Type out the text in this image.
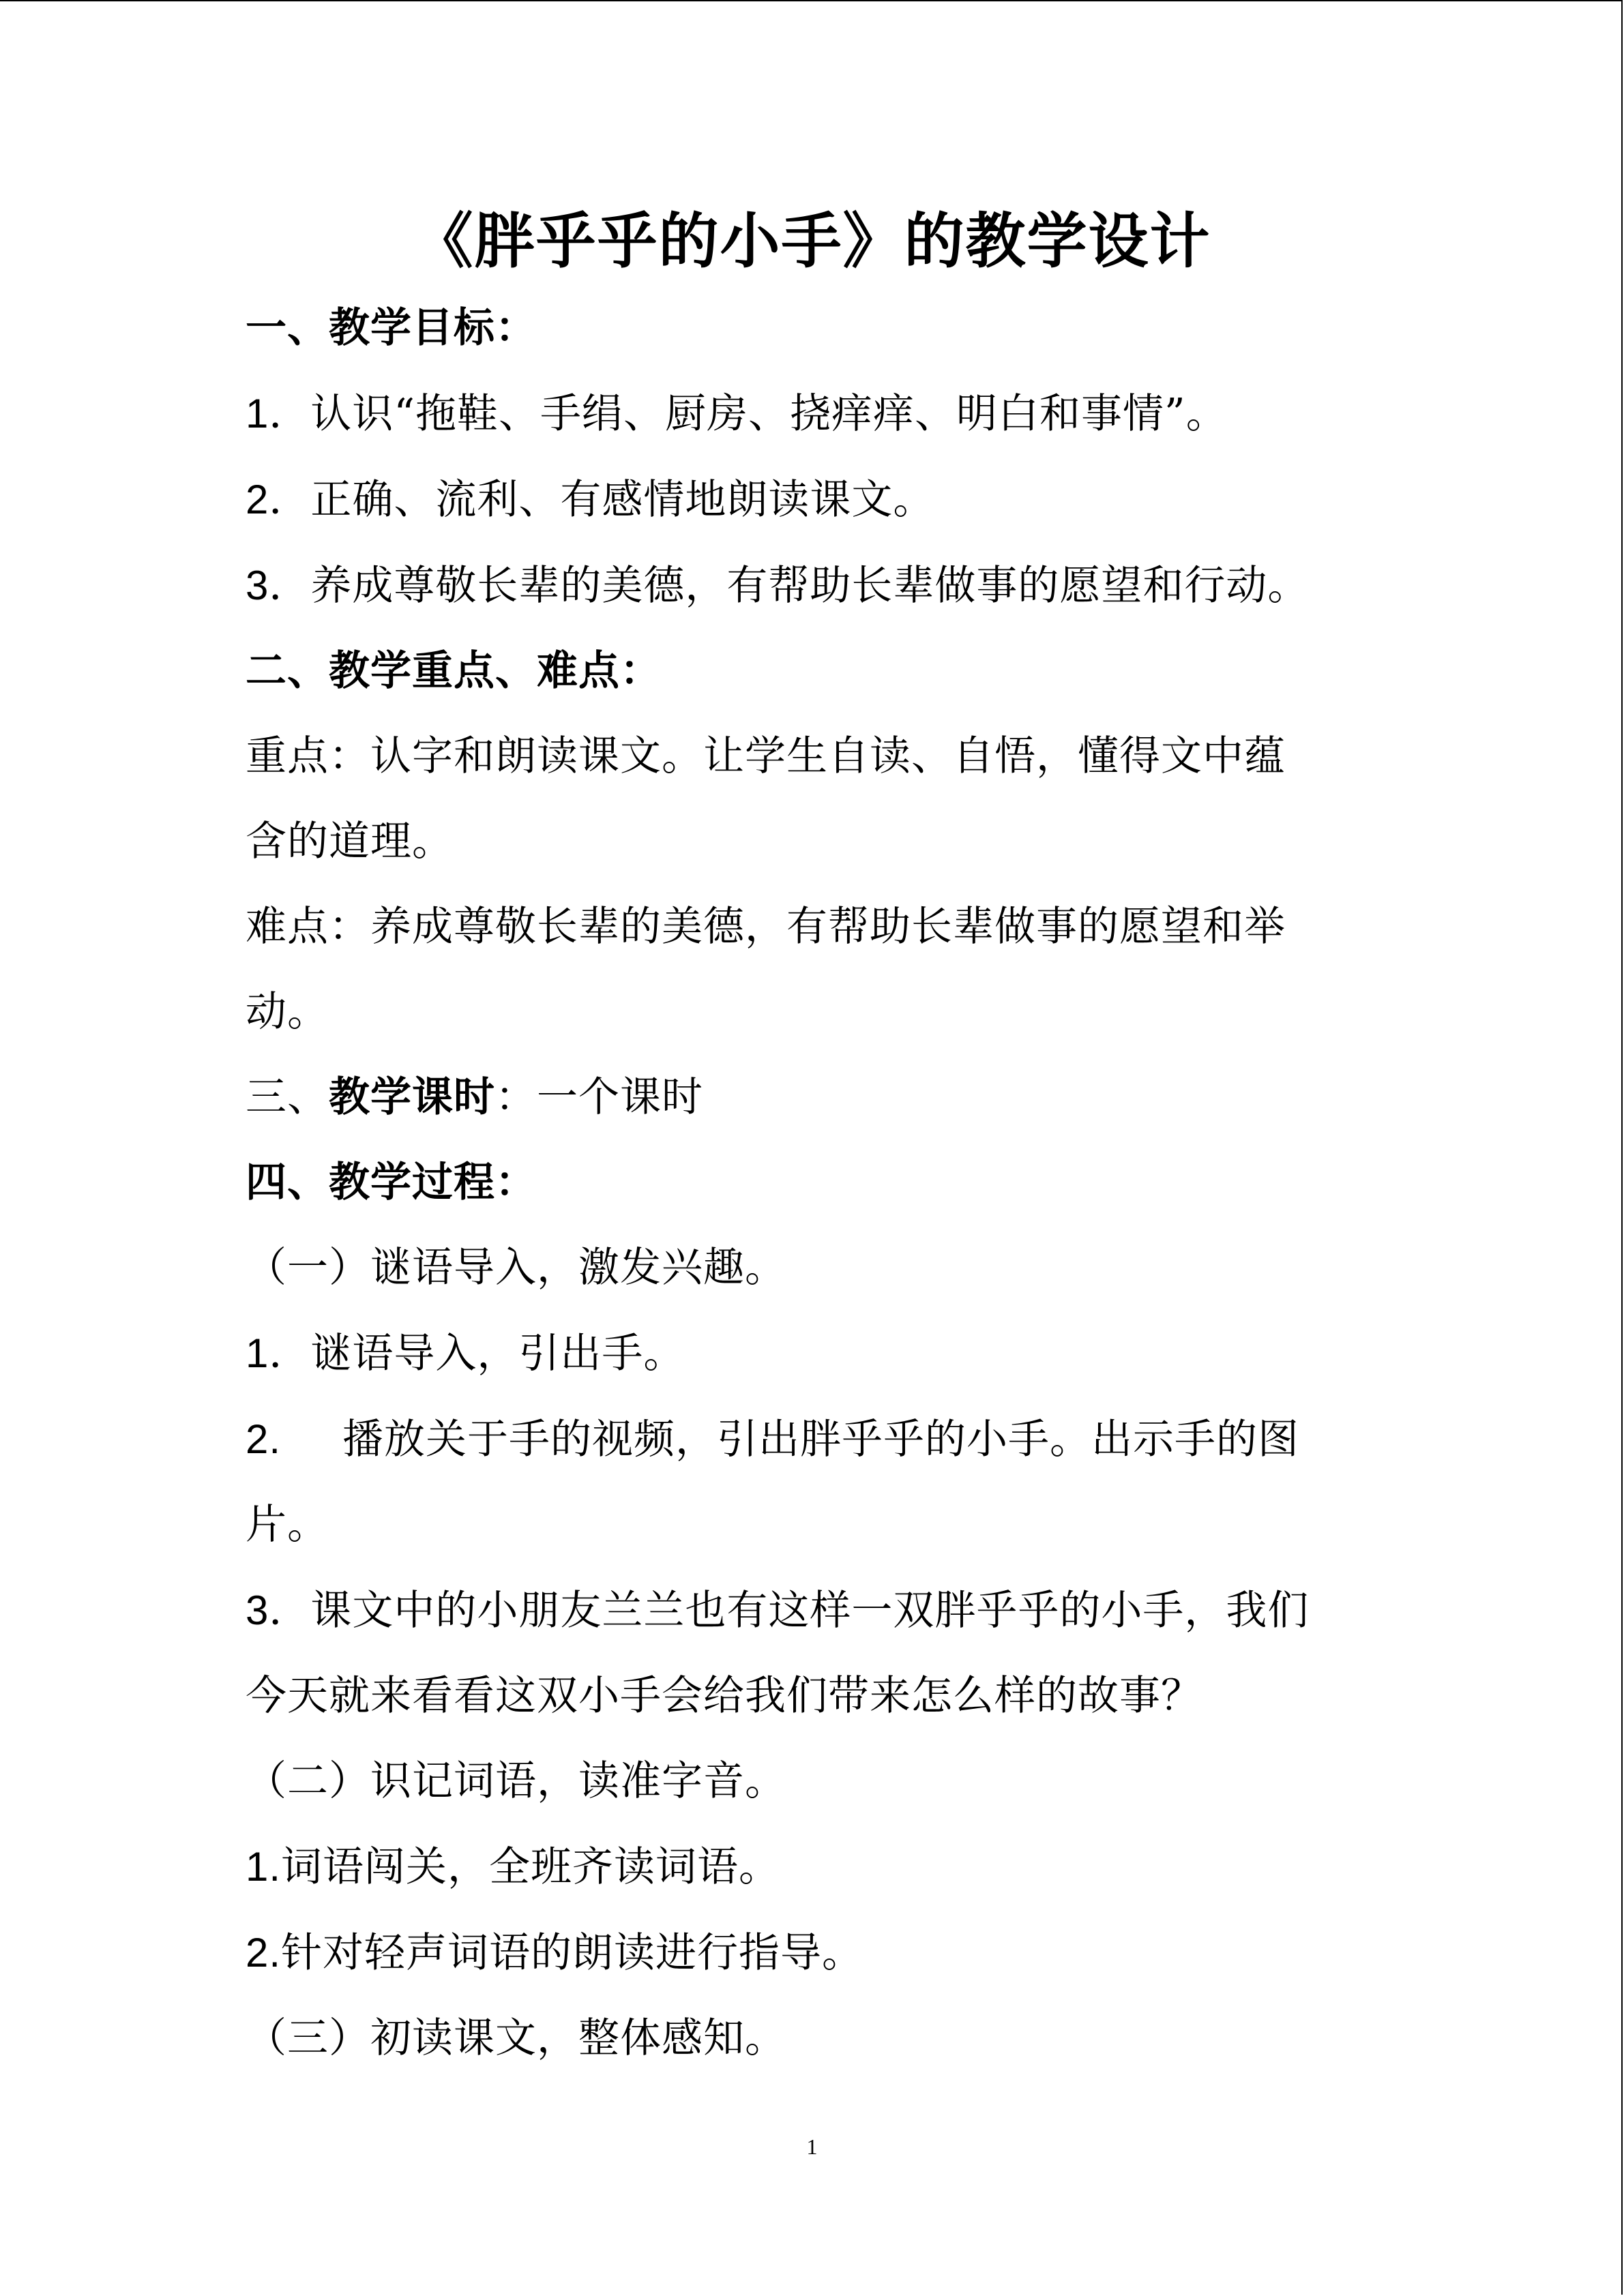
《胖乎乎的小手》的教学设计
一、教学目标：
1．认识“拖鞋、手绢、厨房、挠痒痒、明白和事情”。
2．正确、流利、有感情地朗读课文。
3．养成尊敬长辈的美德，有帮助长辈做事的愿望和行动。
二、教学重点、难点：
重点：认字和朗读课文。让学生自读、自悟，懂得文中蕴
含的道理。
难点：养成尊敬长辈的美德，有帮助长辈做事的愿望和举
动。
三、教学课时：一个课时
四、教学过程：
（一）谜语导入，激发兴趣。
1．谜语导入，引出手。
2. 播放关于手的视频，引出胖乎乎的小手。出示手的图
片。
3．课文中的小朋友兰兰也有这样一双胖乎乎的小手，我们
今天就来看看这双小手会给我们带来怎么样的故事？
（二）识记词语，读准字音。
1.词语闯关，全班齐读词语。
2.针对轻声词语的朗读进行指导。
（三）初读课文，整体感知。
1
